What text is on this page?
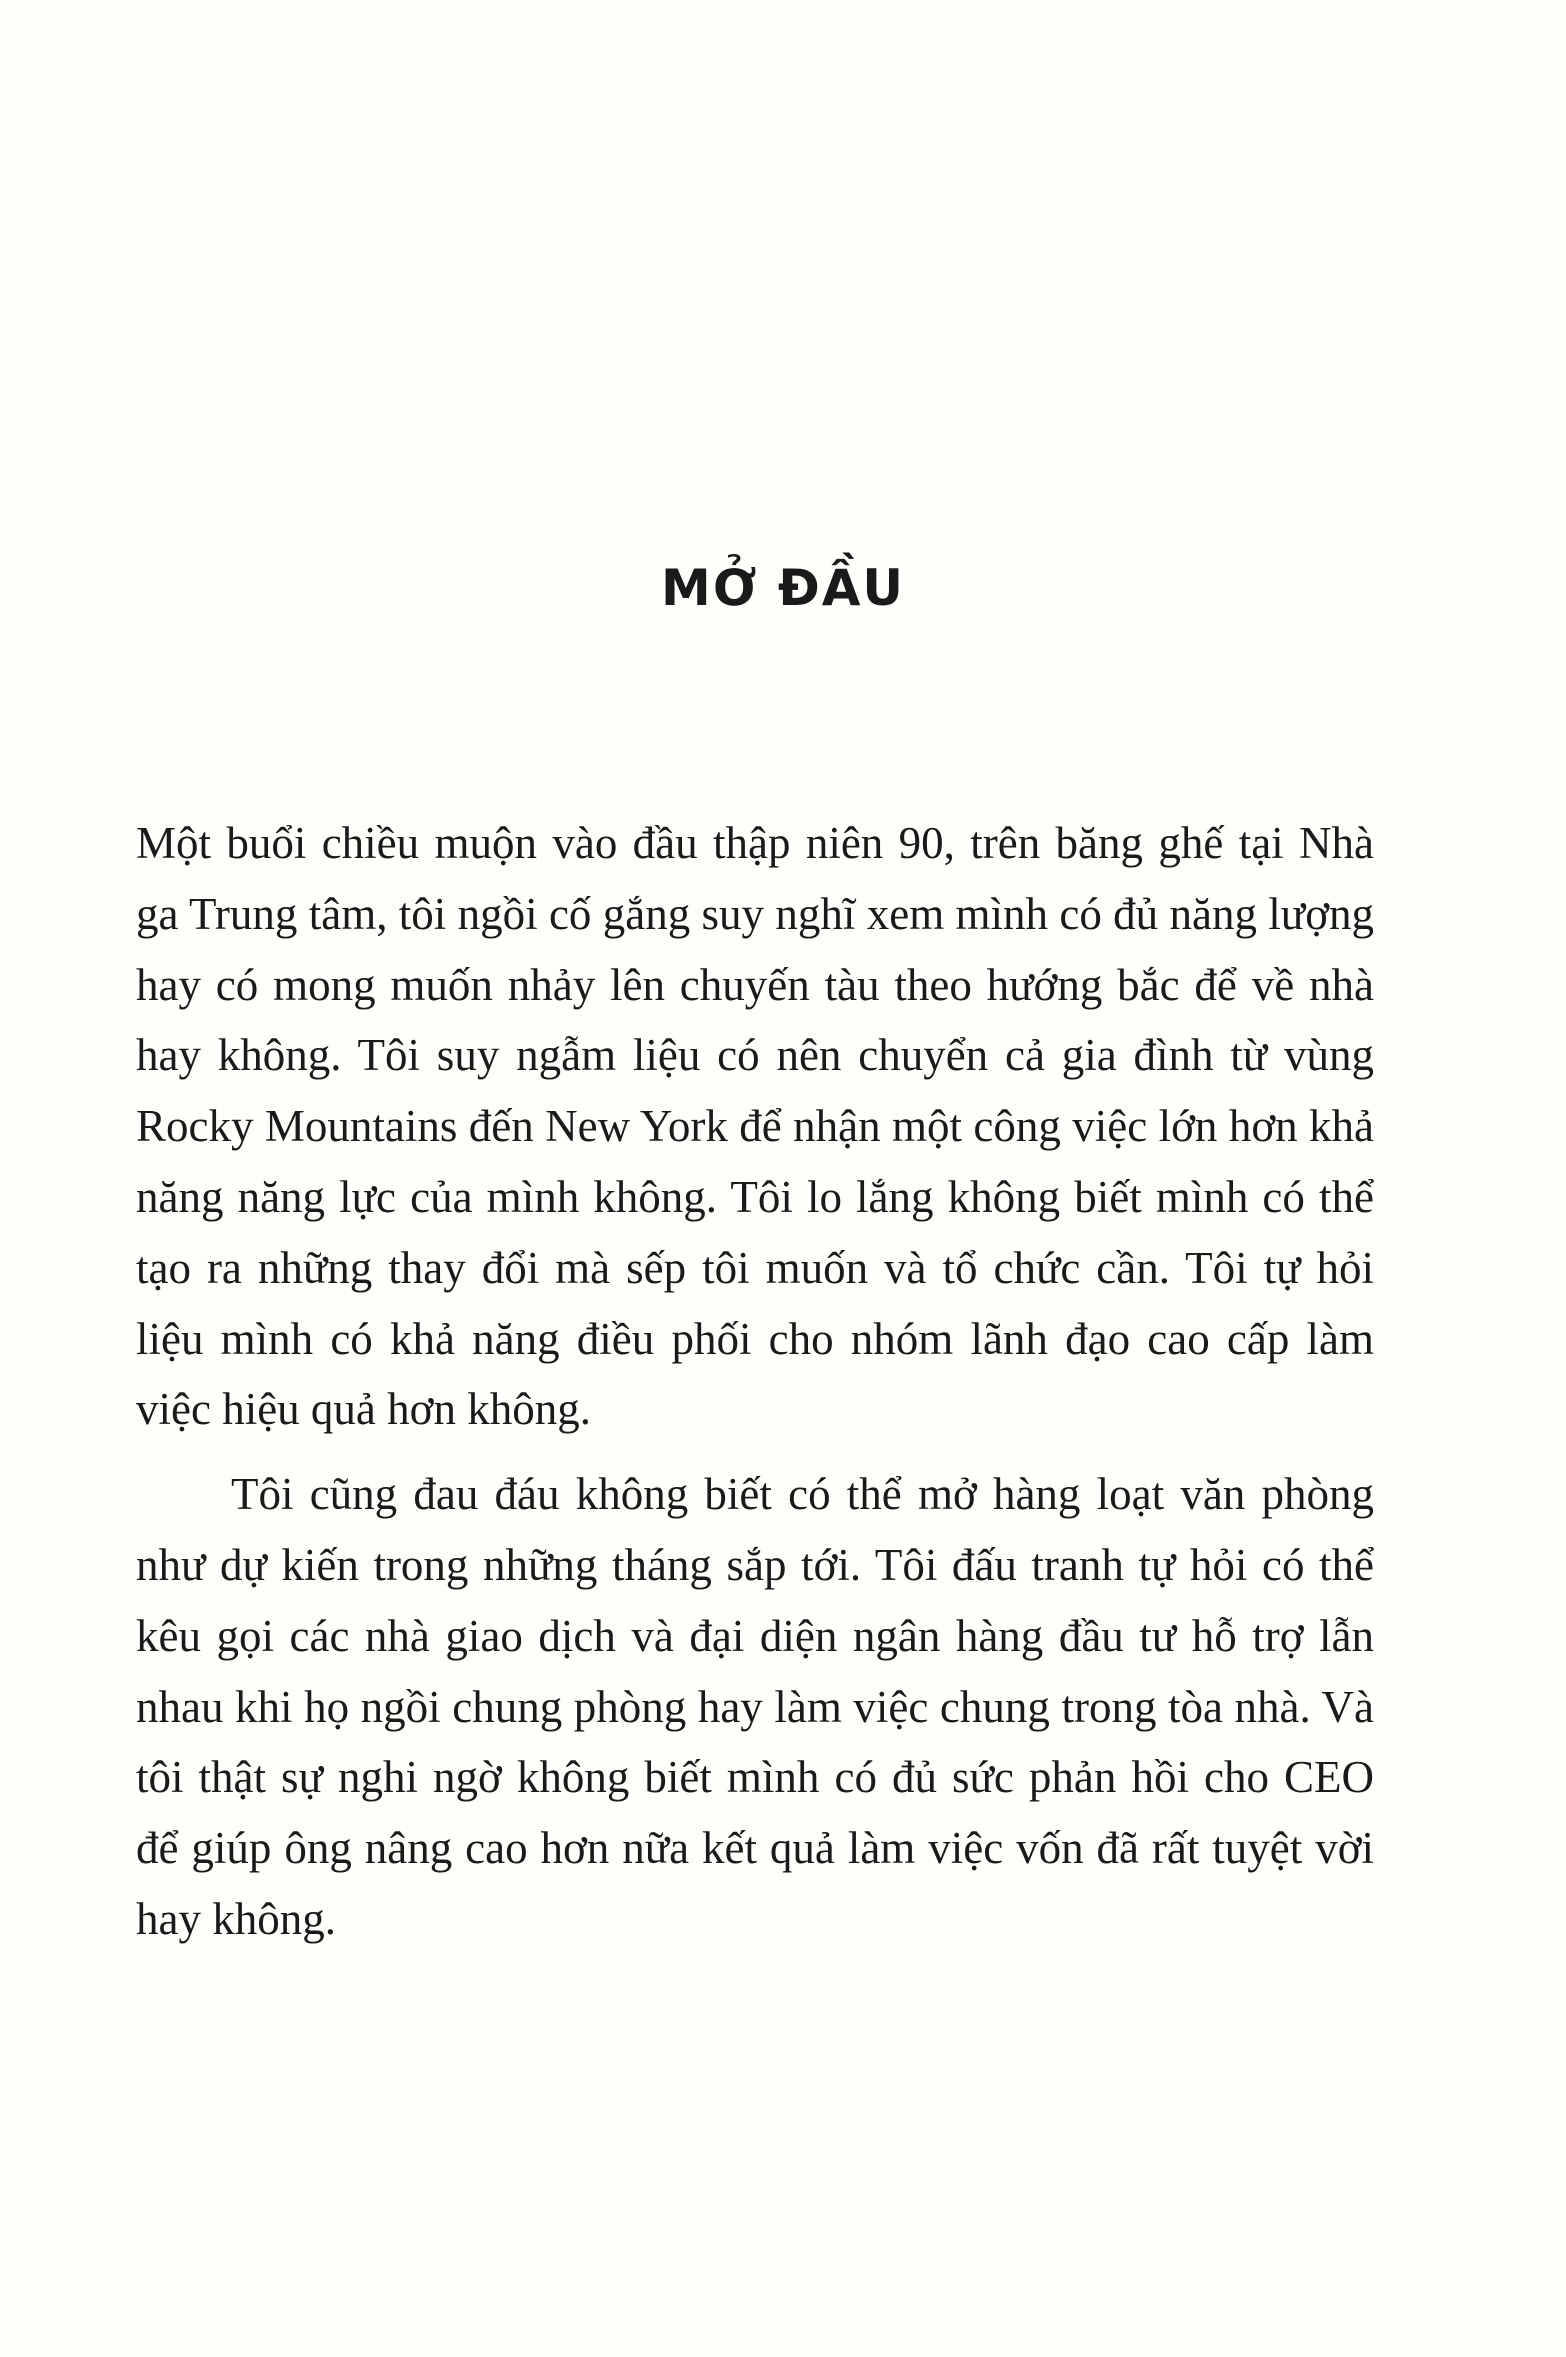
MỞ ĐẦU

Một buổi chiều muộn vào đầu thập niên 90, trên băng ghế tại Nhà ga Trung tâm, tôi ngồi cố gắng suy nghĩ xem mình có đủ năng lượng hay có mong muốn nhảy lên chuyến tàu theo hướng bắc để về nhà hay không. Tôi suy ngẫm liệu có nên chuyển cả gia đình từ vùng Rocky Mountains đến New York để nhận một công việc lớn hơn khả năng năng lực của mình không. Tôi lo lắng không biết mình có thể tạo ra những thay đổi mà sếp tôi muốn và tổ chức cần. Tôi tự hỏi liệu mình có khả năng điều phối cho nhóm lãnh đạo cao cấp làm việc hiệu quả hơn không.

Tôi cũng đau đáu không biết có thể mở hàng loạt văn phòng như dự kiến trong những tháng sắp tới. Tôi đấu tranh tự hỏi có thể kêu gọi các nhà giao dịch và đại diện ngân hàng đầu tư hỗ trợ lẫn nhau khi họ ngồi chung phòng hay làm việc chung trong tòa nhà. Và tôi thật sự nghi ngờ không biết mình có đủ sức phản hồi cho CEO để giúp ông nâng cao hơn nữa kết quả làm việc vốn đã rất tuyệt vời hay không.
